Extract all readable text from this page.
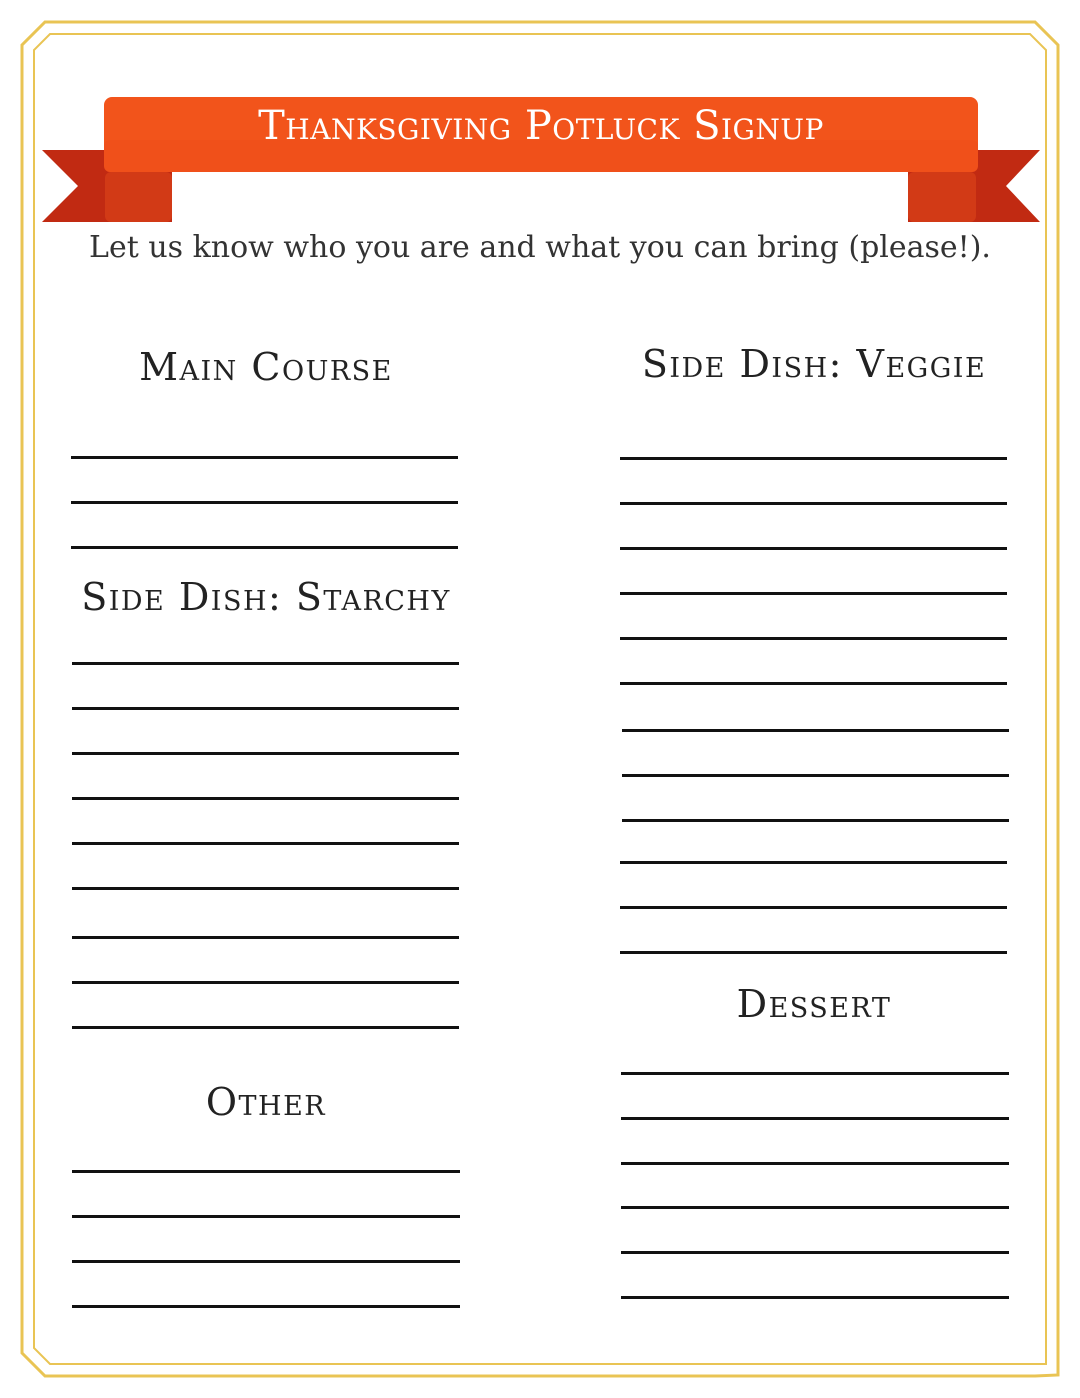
Thanksgiving Potluck Signup
Let us know who you are and what you can bring (please!).
Main Course
Side Dish: Starchy
Other
Side Dish: Veggie
Dessert
